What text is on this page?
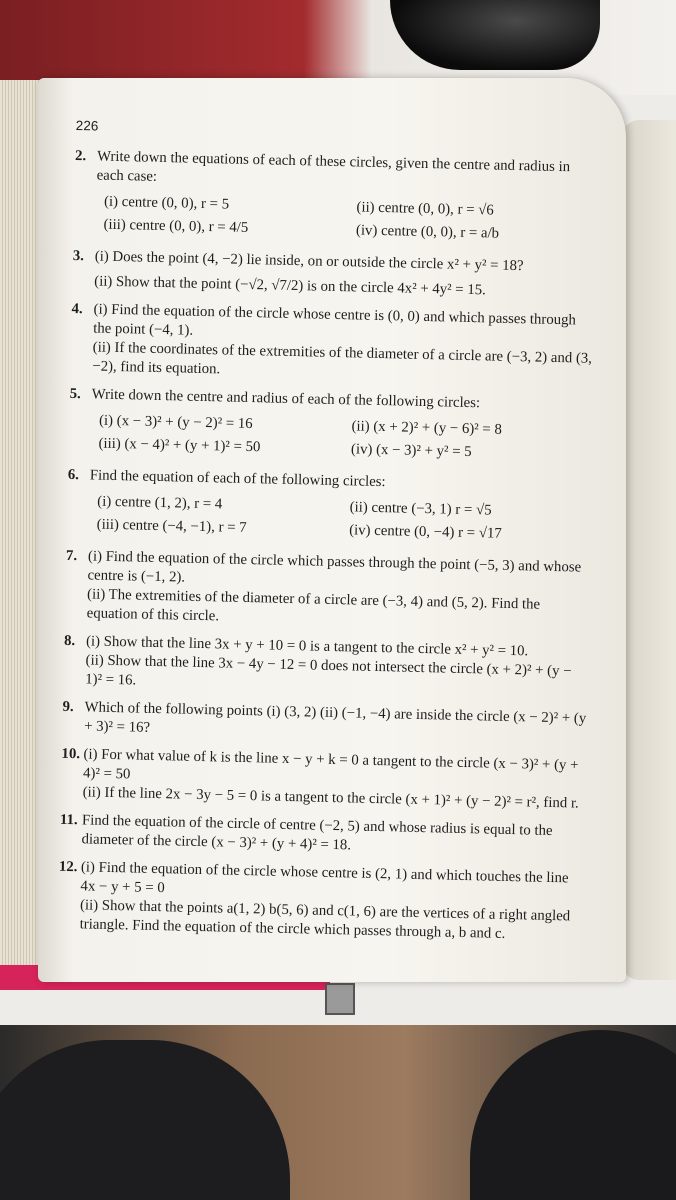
226
2. Write down the equations of each of these circles, given the centre and radius in each case:
(i) centre (0, 0), r = 5	(ii) centre (0, 0), r = √6
(iii) centre (0, 0), r = 4/5	(iv) centre (0, 0), r = a/b
3. (i) Does the point (4, −2) lie inside, on or outside the circle x² + y² = 18?
(ii) Show that the point (−√2, √7/2) is on the circle 4x² + 4y² = 15.
4. (i) Find the equation of the circle whose centre is (0, 0) and which passes through the point (−4, 1).
(ii) If the coordinates of the extremities of the diameter of a circle are (−3, 2) and (3, −2), find its equation.
5. Write down the centre and radius of each of the following circles:
(i) (x − 3)² + (y − 2)² = 16	(ii) (x + 2)² + (y − 6)² = 8
(iii) (x − 4)² + (y + 1)² = 50	(iv) (x − 3)² + y² = 5
6. Find the equation of each of the following circles:
(i) centre (1, 2), r = 4	(ii) centre (−3, 1) r = √5
(iii) centre (−4, −1), r = 7	(iv) centre (0, −4) r = √17
7. (i) Find the equation of the circle which passes through the point (−5, 3) and whose centre is (−1, 2).
(ii) The extremities of the diameter of a circle are (−3, 4) and (5, 2). Find the equation of this circle.
8. (i) Show that the line 3x + y + 10 = 0 is a tangent to the circle x² + y² = 10.
(ii) Show that the line 3x − 4y − 12 = 0 does not intersect the circle (x + 2)² + (y − 1)² = 16.
9. Which of the following points (i) (3, 2) (ii) (−1, −4) are inside the circle (x − 2)² + (y + 3)² = 16?
10. (i) For what value of k is the line x − y + k = 0 a tangent to the circle (x − 3)² + (y + 4)² = 50
(ii) If the line 2x − 3y − 5 = 0 is a tangent to the circle (x + 1)² + (y − 2)² = r², find r.
11. Find the equation of the circle of centre (−2, 5) and whose radius is equal to the diameter of the circle (x − 3)² + (y + 4)² = 18.
12. (i) Find the equation of the circle whose centre is (2, 1) and which touches the line 4x − y + 5 = 0
(ii) Show that the points a(1, 2) b(5, 6) and c(1, 6) are the vertices of a right angled triangle. Find the equation of the circle which passes through a, b and c.
